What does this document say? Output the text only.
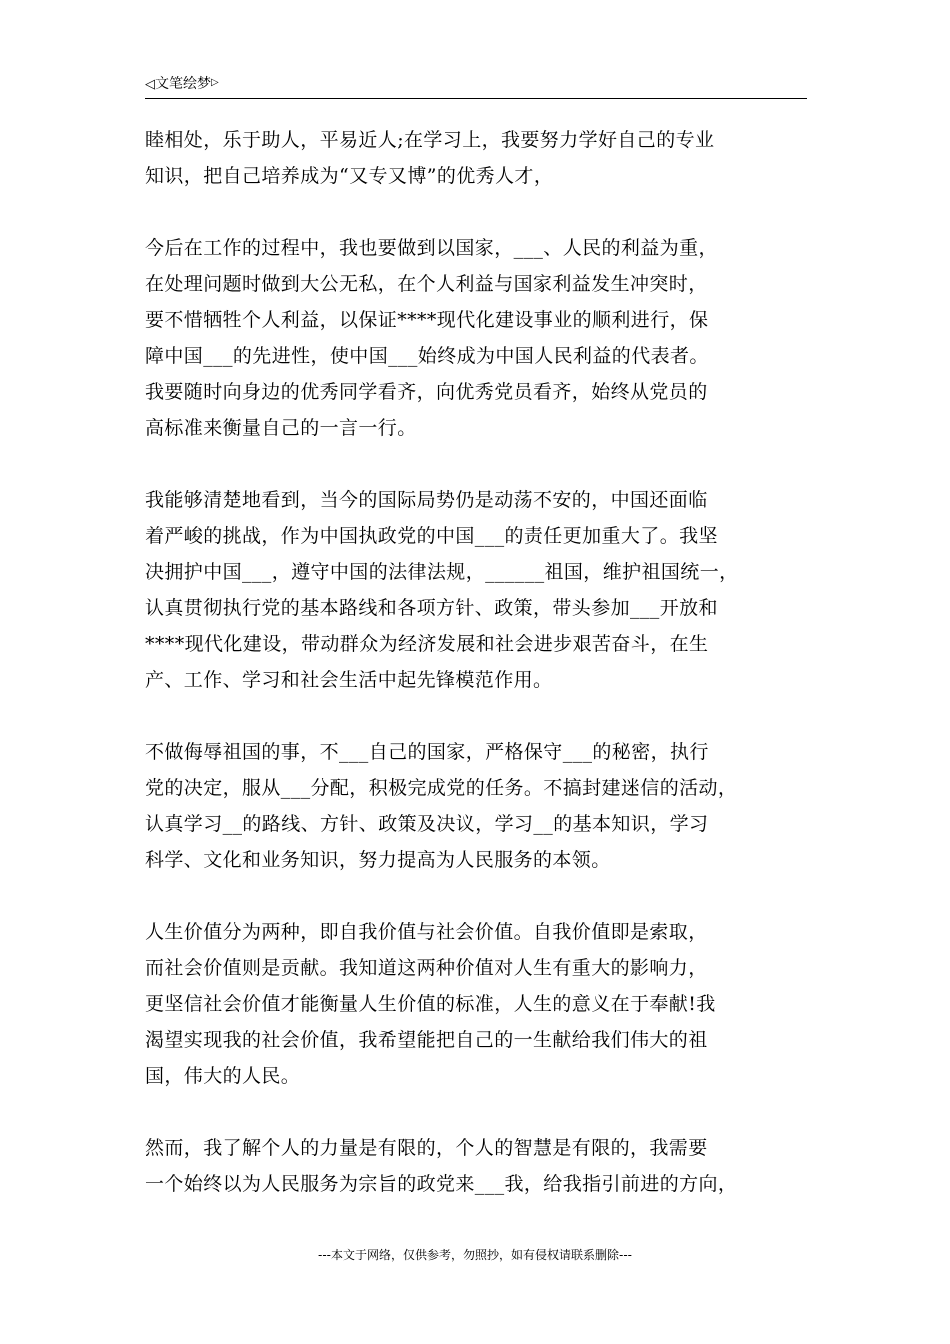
◁文笔绘梦▷
睦相处，乐于助人，平易近人;在学习上，我要努力学好自己的专业
知识，把自己培养成为“又专又博”的优秀人才，
今后在工作的过程中，我也要做到以国家，___、人民的利益为重，
在处理问题时做到大公无私，在个人利益与国家利益发生冲突时，
要不惜牺牲个人利益，以保证****现代化建设事业的顺利进行，保
障中国___的先进性，使中国___始终成为中国人民利益的代表者。
我要随时向身边的优秀同学看齐，向优秀党员看齐，始终从党员的
高标准来衡量自己的一言一行。
我能够清楚地看到，当今的国际局势仍是动荡不安的，中国还面临
着严峻的挑战，作为中国执政党的中国___的责任更加重大了。我坚
决拥护中国___，遵守中国的法律法规，______祖国，维护祖国统一，
认真贯彻执行党的基本路线和各项方针、政策，带头参加___开放和
****现代化建设，带动群众为经济发展和社会进步艰苦奋斗，在生
产、工作、学习和社会生活中起先锋模范作用。
不做侮辱祖国的事，不___自己的国家，严格保守___的秘密，执行
党的决定，服从___分配，积极完成党的任务。不搞封建迷信的活动，
认真学习__的路线、方针、政策及决议，学习__的基本知识，学习
科学、文化和业务知识，努力提高为人民服务的本领。
人生价值分为两种，即自我价值与社会价值。自我价值即是索取，
而社会价值则是贡献。我知道这两种价值对人生有重大的影响力，
更坚信社会价值才能衡量人生价值的标准，人生的意义在于奉献!我
渴望实现我的社会价值，我希望能把自己的一生献给我们伟大的祖
国，伟大的人民。
然而，我了解个人的力量是有限的，个人的智慧是有限的，我需要
一个始终以为人民服务为宗旨的政党来___我，给我指引前进的方向，
---本文于网络，仅供参考，勿照抄，如有侵权请联系删除---
